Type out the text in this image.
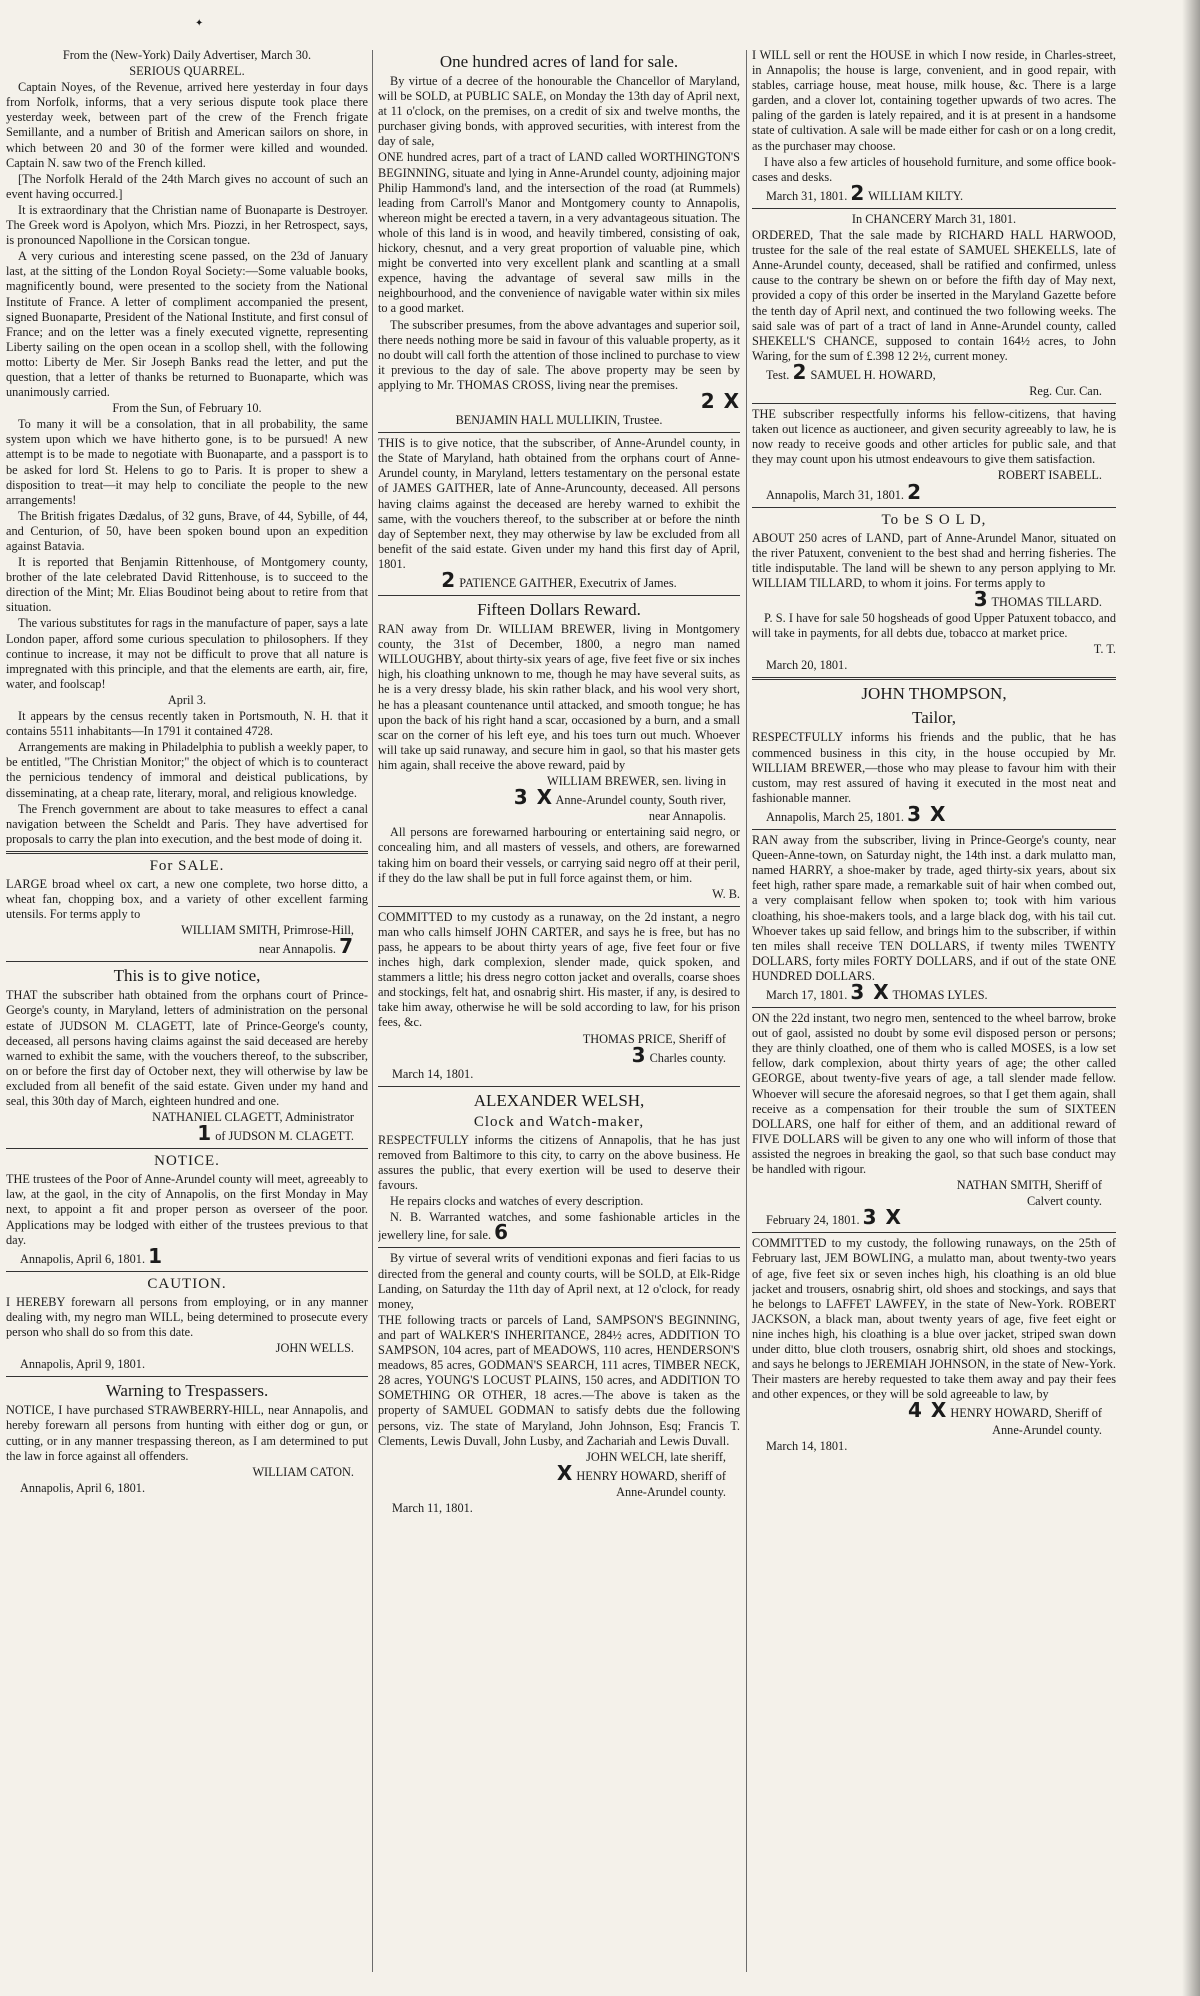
✦

From the (New-York) Daily Advertiser, March 30.

SERIOUS QUARREL.

Captain Noyes, of the Revenue, arrived here yesterday in four days from Norfolk, informs, that a very serious dispute took place there yesterday week, between part of the crew of the French frigate Semillante, and a number of British and American sailors on shore, in which between 20 and 30 of the former were killed and wounded. Captain N. saw two of the French killed.

[The Norfolk Herald of the 24th March gives no account of such an event having occurred.]

It is extraordinary that the Christian name of Buonaparte is Destroyer. The Greek word is Apolyon, which Mrs. Piozzi, in her Retrospect, says, is pronounced Napollione in the Corsican tongue.

A very curious and interesting scene passed, on the 23d of January last, at the sitting of the London Royal Society:—Some valuable books, magnificently bound, were presented to the society from the National Institute of France. A letter of compliment accompanied the present, signed Buonaparte, President of the National Institute, and first consul of France; and on the letter was a finely executed vignette, representing Liberty sailing on the open ocean in a scollop shell, with the following motto: Liberty de Mer. Sir Joseph Banks read the letter, and put the question, that a letter of thanks be returned to Buonaparte, which was unanimously carried.

From the Sun, of February 10.

To many it will be a consolation, that in all probability, the same system upon which we have hitherto gone, is to be pursued! A new attempt is to be made to negotiate with Buonaparte, and a passport is to be asked for lord St. Helens to go to Paris. It is proper to shew a disposition to treat—it may help to conciliate the people to the new arrangements!

The British frigates Dædalus, of 32 guns, Brave, of 44, Sybille, of 44, and Centurion, of 50, have been spoken bound upon an expedition against Batavia.

It is reported that Benjamin Rittenhouse, of Montgomery county, brother of the late celebrated David Rittenhouse, is to succeed to the direction of the Mint; Mr. Elias Boudinot being about to retire from that situation.

The various substitutes for rags in the manufacture of paper, says a late London paper, afford some curious speculation to philosophers. If they continue to increase, it may not be difficult to prove that all nature is impregnated with this principle, and that the elements are earth, air, fire, water, and foolscap!

April 3.

It appears by the census recently taken in Portsmouth, N. H. that it contains 5511 inhabitants—In 1791 it contained 4728.

Arrangements are making in Philadelphia to publish a weekly paper, to be entitled, "The Christian Monitor;" the object of which is to counteract the pernicious tendency of immoral and deistical publications, by disseminating, at a cheap rate, literary, moral, and religious knowledge.

The French government are about to take measures to effect a canal navigation between the Scheldt and Paris. They have advertised for proposals to carry the plan into execution, and the best mode of doing it.

For SALE.

LARGE broad wheel ox cart, a new one complete, two horse ditto, a wheat fan, chopping box, and a variety of other excellent farming utensils. For terms apply to

WILLIAM SMITH, Primrose-Hill,

near Annapolis. 7

This is to give notice,

THAT the subscriber hath obtained from the orphans court of Prince-George's county, in Maryland, letters of administration on the personal estate of JUDSON M. CLAGETT, late of Prince-George's county, deceased, all persons having claims against the said deceased are hereby warned to exhibit the same, with the vouchers thereof, to the subscriber, on or before the first day of October next, they will otherwise by law be excluded from all benefit of the said estate. Given under my hand and seal, this 30th day of March, eighteen hundred and one.

NATHANIEL CLAGETT, Administrator

1 of JUDSON M. CLAGETT.

NOTICE.

THE trustees of the Poor of Anne-Arundel county will meet, agreeably to law, at the gaol, in the city of Annapolis, on the first Monday in May next, to appoint a fit and proper person as overseer of the poor. Applications may be lodged with either of the trustees previous to that day.

Annapolis, April 6, 1801. 1

CAUTION.

I HEREBY forewarn all persons from employing, or in any manner dealing with, my negro man WILL, being determined to prosecute every person who shall do so from this date.

JOHN WELLS.

Annapolis, April 9, 1801.

Warning to Trespassers.

NOTICE, I have purchased STRAWBERRY-HILL, near Annapolis, and hereby forewarn all persons from hunting with either dog or gun, or cutting, or in any manner trespassing thereon, as I am determined to put the law in force against all offenders.

WILLIAM CATON.

Annapolis, April 6, 1801.

One hundred acres of land for sale.

By virtue of a decree of the honourable the Chancellor of Maryland, will be SOLD, at PUBLIC SALE, on Monday the 13th day of April next, at 11 o'clock, on the premises, on a credit of six and twelve months, the purchaser giving bonds, with approved securities, with interest from the day of sale,

ONE hundred acres, part of a tract of LAND called WORTHINGTON'S BEGINNING, situate and lying in Anne-Arundel county, adjoining major Philip Hammond's land, and the intersection of the road (at Rummels) leading from Carroll's Manor and Montgomery county to Annapolis, whereon might be erected a tavern, in a very advantageous situation. The whole of this land is in wood, and heavily timbered, consisting of oak, hickory, chesnut, and a very great proportion of valuable pine, which might be converted into very excellent plank and scantling at a small expence, having the advantage of several saw mills in the neighbourhood, and the convenience of navigable water within six miles to a good market.

The subscriber presumes, from the above advantages and superior soil, there needs nothing more be said in favour of this valuable property, as it no doubt will call forth the attention of those inclined to purchase to view it previous to the day of sale. The above property may be seen by applying to Mr. THOMAS CROSS, living near the premises.

2 X

BENJAMIN HALL MULLIKIN, Trustee.

THIS is to give notice, that the subscriber, of Anne-Arundel county, in the State of Maryland, hath obtained from the orphans court of Anne-Arundel county, in Maryland, letters testamentary on the personal estate of JAMES GAITHER, late of Anne-Aruncounty, deceased. All persons having claims against the deceased are hereby warned to exhibit the same, with the vouchers thereof, to the subscriber at or before the ninth day of September next, they may otherwise by law be excluded from all benefit of the said estate. Given under my hand this first day of April, 1801.

2 PATIENCE GAITHER, Executrix of James.

Fifteen Dollars Reward.

RAN away from Dr. WILLIAM BREWER, living in Montgomery county, the 31st of December, 1800, a negro man named WILLOUGHBY, about thirty-six years of age, five feet five or six inches high, his cloathing unknown to me, though he may have several suits, as he is a very dressy blade, his skin rather black, and his wool very short, he has a pleasant countenance until attacked, and smooth tongue; he has upon the back of his right hand a scar, occasioned by a burn, and a small scar on the corner of his left eye, and his toes turn out much. Whoever will take up said runaway, and secure him in gaol, so that his master gets him again, shall receive the above reward, paid by

WILLIAM BREWER, sen. living in

3 X Anne-Arundel county, South river,

near Annapolis.

All persons are forewarned harbouring or entertaining said negro, or concealing him, and all masters of vessels, and others, are forewarned taking him on board their vessels, or carrying said negro off at their peril, if they do the law shall be put in full force against them, or him.

W. B.

COMMITTED to my custody as a runaway, on the 2d instant, a negro man who calls himself JOHN CARTER, and says he is free, but has no pass, he appears to be about thirty years of age, five feet four or five inches high, dark complexion, slender made, quick spoken, and stammers a little; his dress negro cotton jacket and overalls, coarse shoes and stockings, felt hat, and osnabrig shirt. His master, if any, is desired to take him away, otherwise he will be sold according to law, for his prison fees, &c.

THOMAS PRICE, Sheriff of

3 Charles county.

March 14, 1801.

ALEXANDER WELSH,

Clock and Watch-maker,

RESPECTFULLY informs the citizens of Annapolis, that he has just removed from Baltimore to this city, to carry on the above business. He assures the public, that every exertion will be used to deserve their favours.

He repairs clocks and watches of every description.

N. B. Warranted watches, and some fashionable articles in the jewellery line, for sale. 6

By virtue of several writs of venditioni exponas and fieri facias to us directed from the general and county courts, will be SOLD, at Elk-Ridge Landing, on Saturday the 11th day of April next, at 12 o'clock, for ready money,

THE following tracts or parcels of Land, SAMPSON'S BEGINNING, and part of WALKER'S INHERITANCE, 284½ acres, ADDITION TO SAMPSON, 104 acres, part of MEADOWS, 110 acres, HENDERSON'S meadows, 85 acres, GODMAN'S SEARCH, 111 acres, TIMBER NECK, 28 acres, YOUNG'S LOCUST PLAINS, 150 acres, and ADDITION TO SOMETHING OR OTHER, 18 acres.—The above is taken as the property of SAMUEL GODMAN to satisfy debts due the following persons, viz. The state of Maryland, John Johnson, Esq; Francis T. Clements, Lewis Duvall, John Lusby, and Zachariah and Lewis Duvall.

JOHN WELCH, late sheriff,

X HENRY HOWARD, sheriff of

Anne-Arundel county.

March 11, 1801.

I WILL sell or rent the HOUSE in which I now reside, in Charles-street, in Annapolis; the house is large, convenient, and in good repair, with stables, carriage house, meat house, milk house, &c. There is a large garden, and a clover lot, containing together upwards of two acres. The paling of the garden is lately repaired, and it is at present in a handsome state of cultivation. A sale will be made either for cash or on a long credit, as the purchaser may choose.

I have also a few articles of household furniture, and some office book-cases and desks.

March 31, 1801. 2 WILLIAM KILTY.

In CHANCERY March 31, 1801.

ORDERED, That the sale made by RICHARD HALL HARWOOD, trustee for the sale of the real estate of SAMUEL SHEKELLS, late of Anne-Arundel county, deceased, shall be ratified and confirmed, unless cause to the contrary be shewn on or before the fifth day of May next, provided a copy of this order be inserted in the Maryland Gazette before the tenth day of April next, and continued the two following weeks. The said sale was of part of a tract of land in Anne-Arundel county, called SHEKELL'S CHANCE, supposed to contain 164½ acres, to John Waring, for the sum of £.398 12 2½, current money.

Test. 2 SAMUEL H. HOWARD,

Reg. Cur. Can.

THE subscriber respectfully informs his fellow-citizens, that having taken out licence as auctioneer, and given security agreeably to law, he is now ready to receive goods and other articles for public sale, and that they may count upon his utmost endeavours to give them satisfaction.

ROBERT ISABELL.

Annapolis, March 31, 1801. 2

To be S O L D,

ABOUT 250 acres of LAND, part of Anne-Arundel Manor, situated on the river Patuxent, convenient to the best shad and herring fisheries. The title indisputable. The land will be shewn to any person applying to Mr. WILLIAM TILLARD, to whom it joins. For terms apply to

3 THOMAS TILLARD.

P. S. I have for sale 50 hogsheads of good Upper Patuxent tobacco, and will take in payments, for all debts due, tobacco at market price.

T. T.

March 20, 1801.

JOHN THOMPSON,

Tailor,

RESPECTFULLY informs his friends and the public, that he has commenced business in this city, in the house occupied by Mr. WILLIAM BREWER,—those who may please to favour him with their custom, may rest assured of having it executed in the most neat and fashionable manner.

Annapolis, March 25, 1801. 3 X

RAN away from the subscriber, living in Prince-George's county, near Queen-Anne-town, on Saturday night, the 14th inst. a dark mulatto man, named HARRY, a shoe-maker by trade, aged thirty-six years, about six feet high, rather spare made, a remarkable suit of hair when combed out, a very complaisant fellow when spoken to; took with him various cloathing, his shoe-makers tools, and a large black dog, with his tail cut. Whoever takes up said fellow, and brings him to the subscriber, if within ten miles shall receive TEN DOLLARS, if twenty miles TWENTY DOLLARS, forty miles FORTY DOLLARS, and if out of the state ONE HUNDRED DOLLARS.

March 17, 1801. 3 X THOMAS LYLES.

ON the 22d instant, two negro men, sentenced to the wheel barrow, broke out of gaol, assisted no doubt by some evil disposed person or persons; they are thinly cloathed, one of them who is called MOSES, is a low set fellow, dark complexion, about thirty years of age; the other called GEORGE, about twenty-five years of age, a tall slender made fellow. Whoever will secure the aforesaid negroes, so that I get them again, shall receive as a compensation for their trouble the sum of SIXTEEN DOLLARS, one half for either of them, and an additional reward of FIVE DOLLARS will be given to any one who will inform of those that assisted the negroes in breaking the gaol, so that such base conduct may be handled with rigour.

NATHAN SMITH, Sheriff of

Calvert county.

February 24, 1801. 3 X

COMMITTED to my custody, the following runaways, on the 25th of February last, JEM BOWLING, a mulatto man, about twenty-two years of age, five feet six or seven inches high, his cloathing is an old blue jacket and trousers, osnabrig shirt, old shoes and stockings, and says that he belongs to LAFFET LAWFEY, in the state of New-York. ROBERT JACKSON, a black man, about twenty years of age, five feet eight or nine inches high, his cloathing is a blue over jacket, striped swan down under ditto, blue cloth trousers, osnabrig shirt, old shoes and stockings, and says he belongs to JEREMIAH JOHNSON, in the state of New-York. Their masters are hereby requested to take them away and pay their fees and other expences, or they will be sold agreeable to law, by

4 X HENRY HOWARD, Sheriff of

Anne-Arundel county.

March 14, 1801.
